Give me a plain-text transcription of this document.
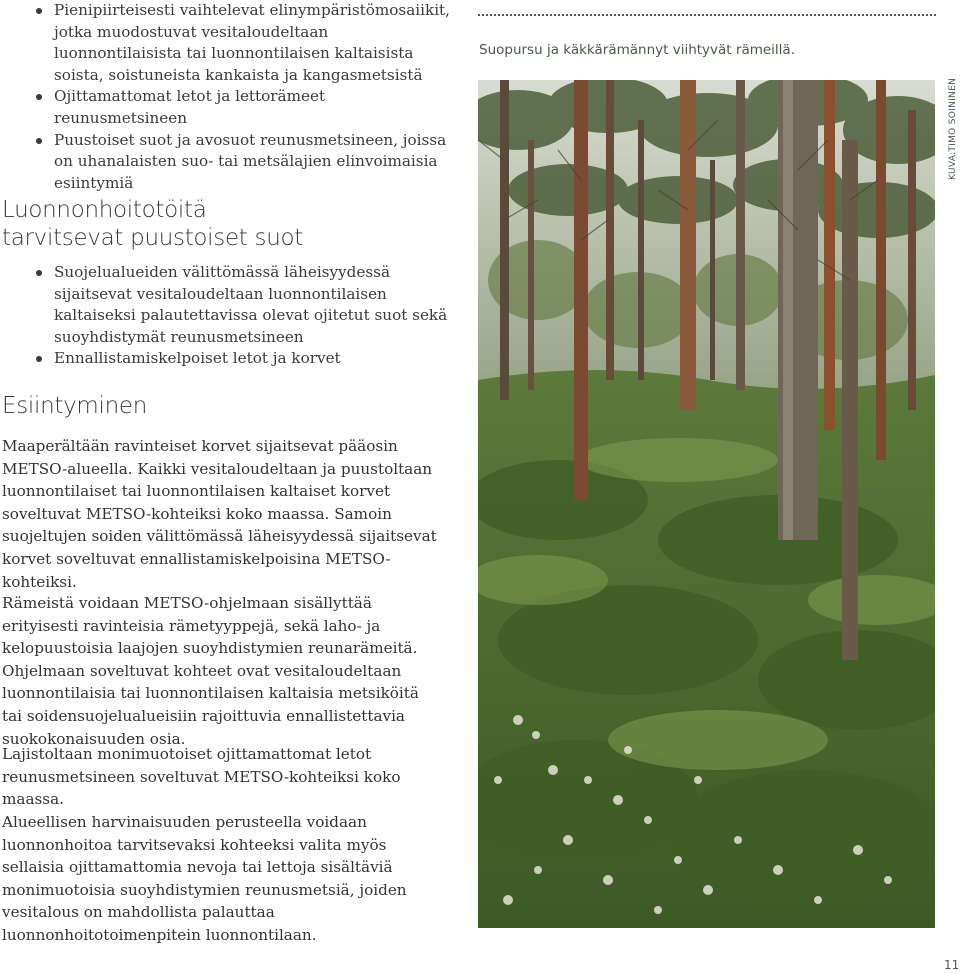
Pienipiirteisesti vaihtelevat elinympäristömosaiikit, jotka muodostuvat vesitaloudeltaan luonnontilaisista tai luonnontilaisen kaltaisista soista, soistuneista kankaista ja kangasmetsistä
Ojittamattomat letot ja lettorämeet reunusmetsineen
Puustoiset suot ja avosuot reunusmetsineen, joissa on uhanalaisten suo- tai metsälajien elinvoimaisia esiintymiä
Luonnonhoitotöitä tarvitsevat puustoiset suot
Suojelualueiden välittömässä läheisyydessä sijaitsevat vesitaloudeltaan luonnontilaisen kaltaiseksi palautettavissa olevat ojitetut suot sekä suoyhdistymät reunusmetsineen
Ennallistamiskelpoiset letot ja korvet
Esiintyminen

Maaperältään ravinteiset korvet sijaitsevat pääosin METSO-alueella. Kaikki vesitaloudeltaan ja puustoltaan luonnontilaiset tai luonnontilaisen kaltaiset korvet soveltuvat METSO-kohteiksi koko maassa. Samoin suojeltujen soiden välittömässä läheisyydessä sijaitsevat korvet soveltuvat ennallistamiskelpoisina METSO-kohteiksi.

Rämeistä voidaan METSO-ohjelmaan sisällyttää erityisesti ravinteisia rämetyyppejä, sekä laho- ja kelopuustoisia laajojen suoyhdistymien reunarämeitä. Ohjelmaan soveltuvat kohteet ovat vesitaloudeltaan luonnontilaisia tai luonnontilaisen kaltaisia metsiköitä tai soidensuojelualueisiin rajoittuvia ennallistettavia suokokonaisuuden osia.

Lajistoltaan monimuotoiset ojittamattomat letot reunusmetsineen soveltuvat METSO-kohteiksi koko maassa.

Alueellisen harvinaisuuden perusteella voidaan luonnonhoitoa tarvitsevaksi kohteeksi valita myös sellaisia ojittamattomia nevoja tai lettoja sisältäviä monimuotoisia suoyhdistymien reunusmetsiä, joiden vesitalous on mahdollista palauttaa luonnonhoitotoimenpitein luonnontilaan.

Suopursu ja käkkärämännyt viihtyvät rämeillä.
KUVA:TIMO SOININEN
11
